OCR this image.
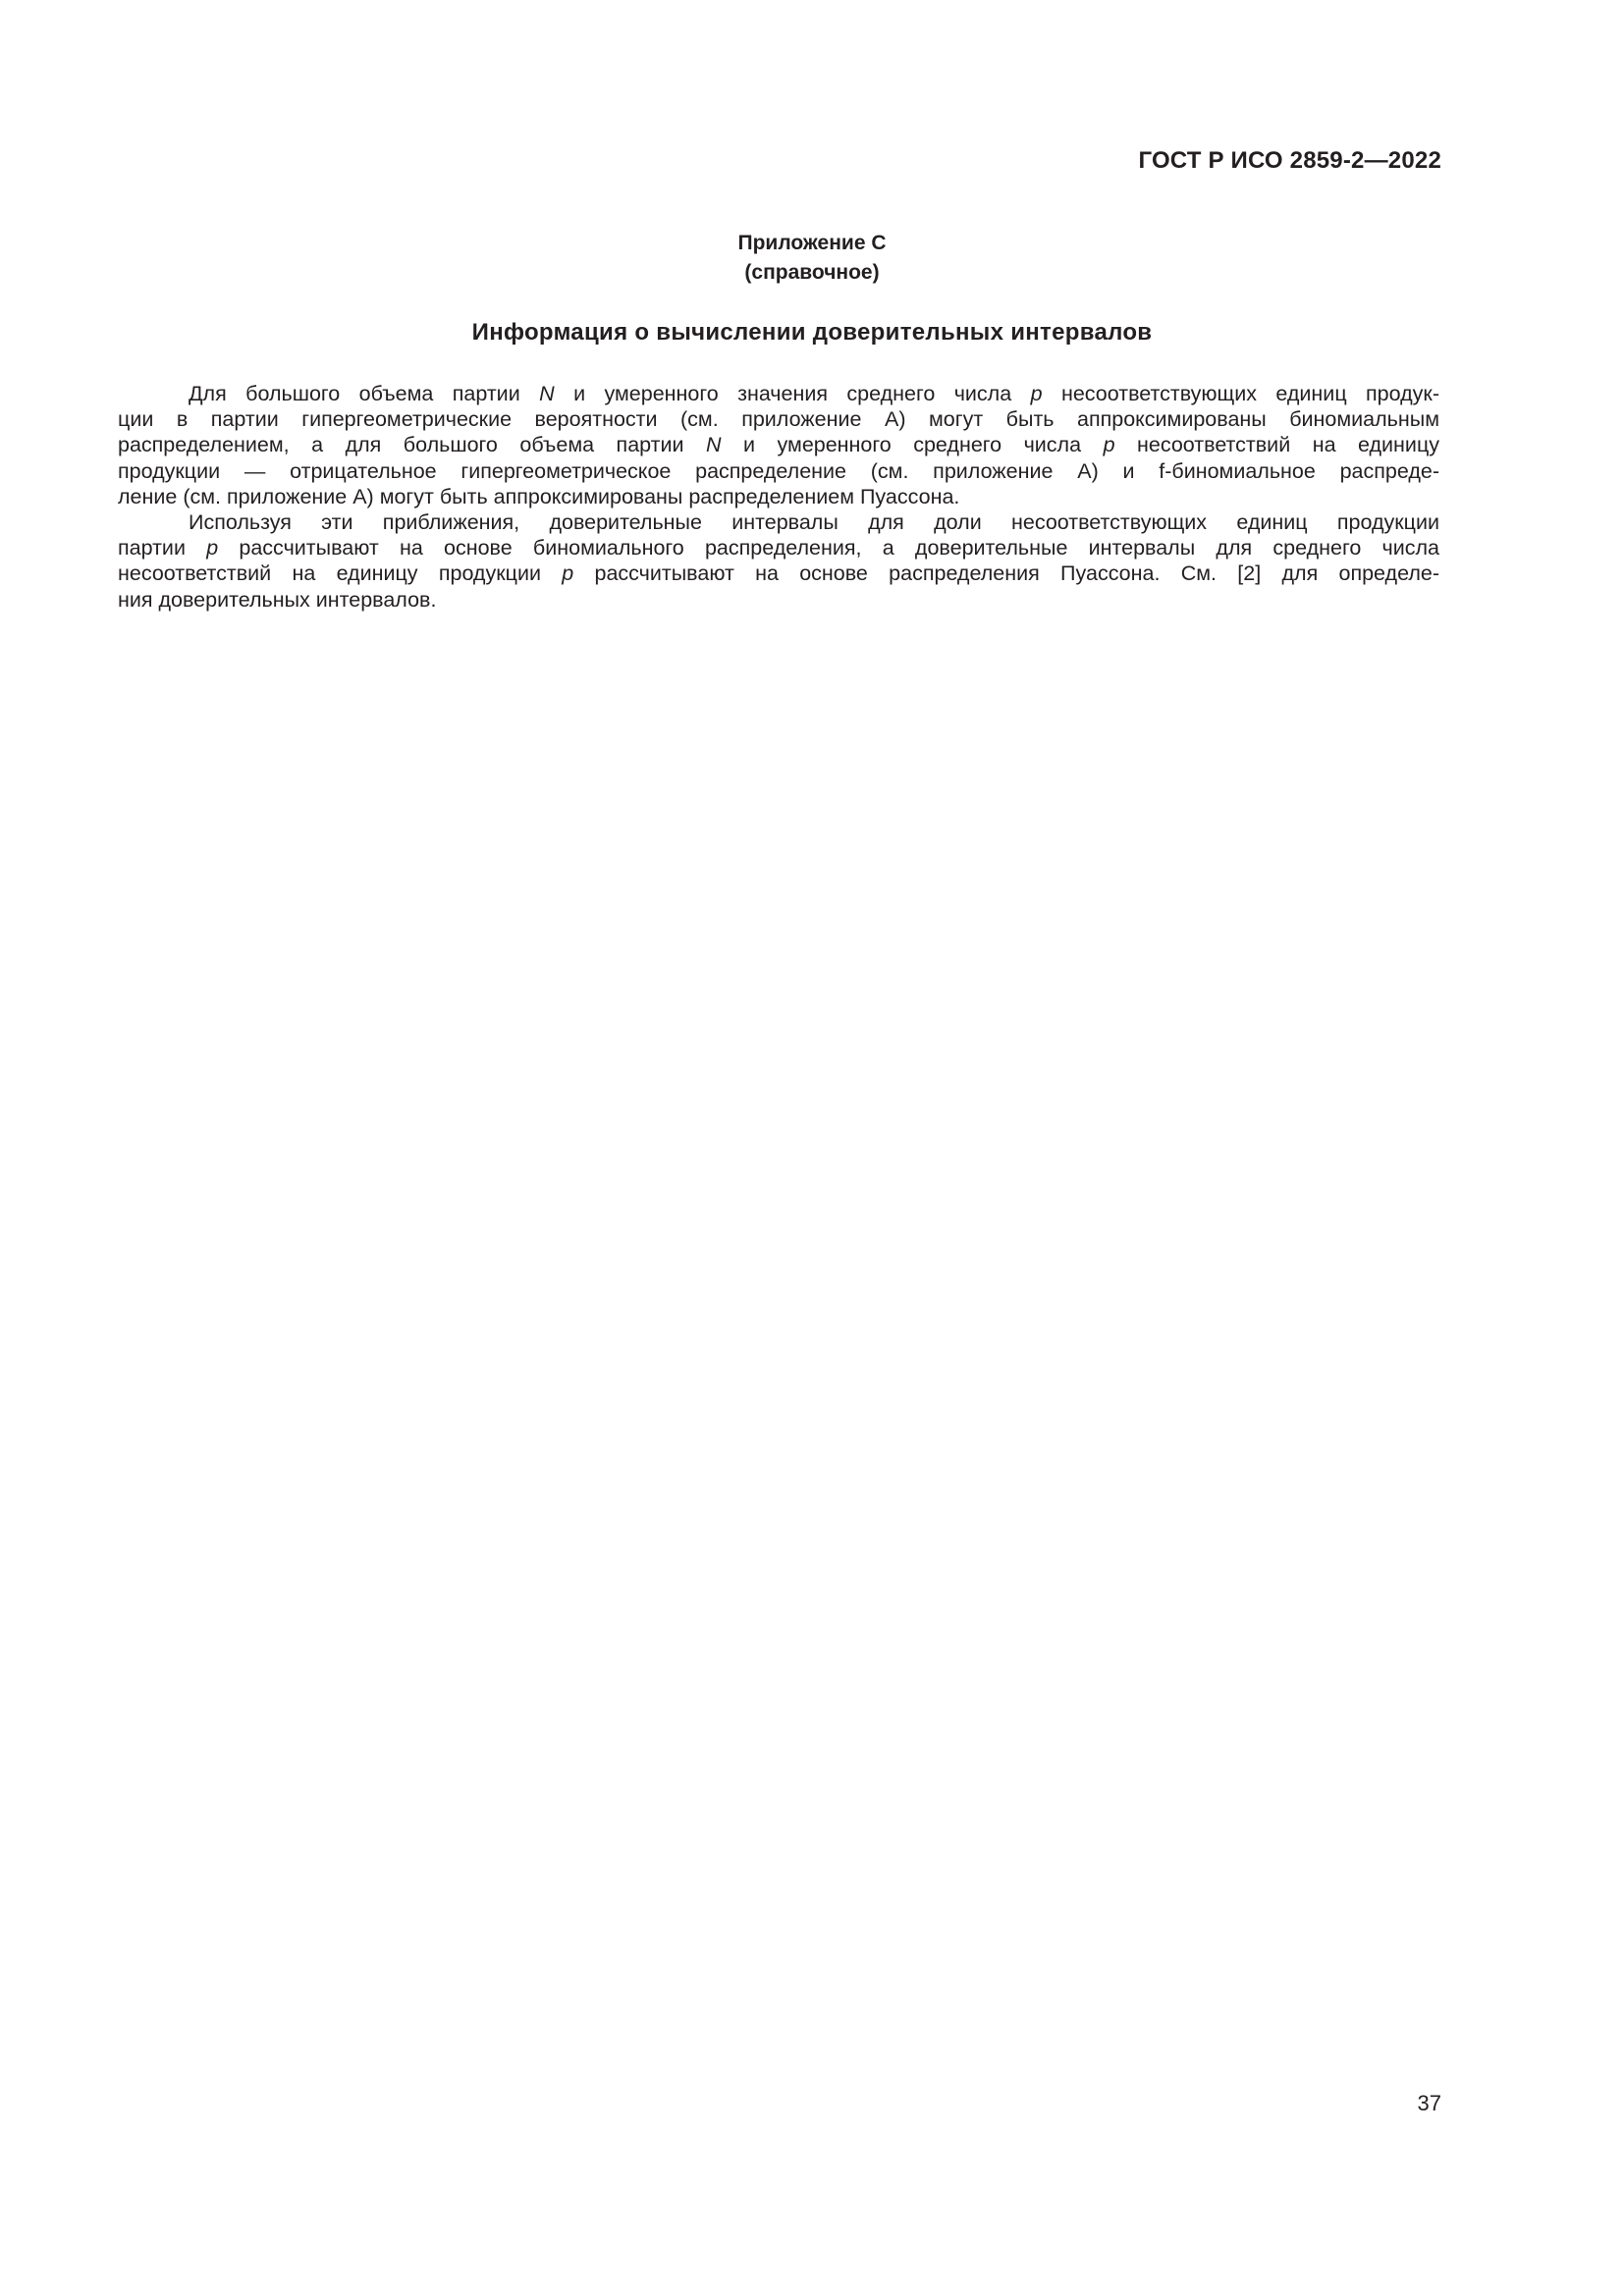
ГОСТ Р ИСО 2859-2—2022
Приложение С
(справочное)
Информация о вычислении доверительных интервалов

Для большого объема партии N и умеренного значения среднего числа p несоответствующих единиц продук-
ции в партии гипергеометрические вероятности (см. приложение А) могут быть аппроксимированы биномиальным
распределением, а для большого объема партии N и умеренного среднего числа p несоответствий на единицу
продукции — отрицательное гипергеометрическое распределение (см. приложение А) и f-биномиальное распреде-
ление (см. приложение А) могут быть аппроксимированы распределением Пуассона.

Используя эти приближения, доверительные интервалы для доли несоответствующих единиц продукции
партии p рассчитывают на основе биномиального распределения, а доверительные интервалы для среднего числа
несоответствий на единицу продукции p рассчитывают на основе распределения Пуассона. См. [2] для определе-
ния доверительных интервалов.

37
